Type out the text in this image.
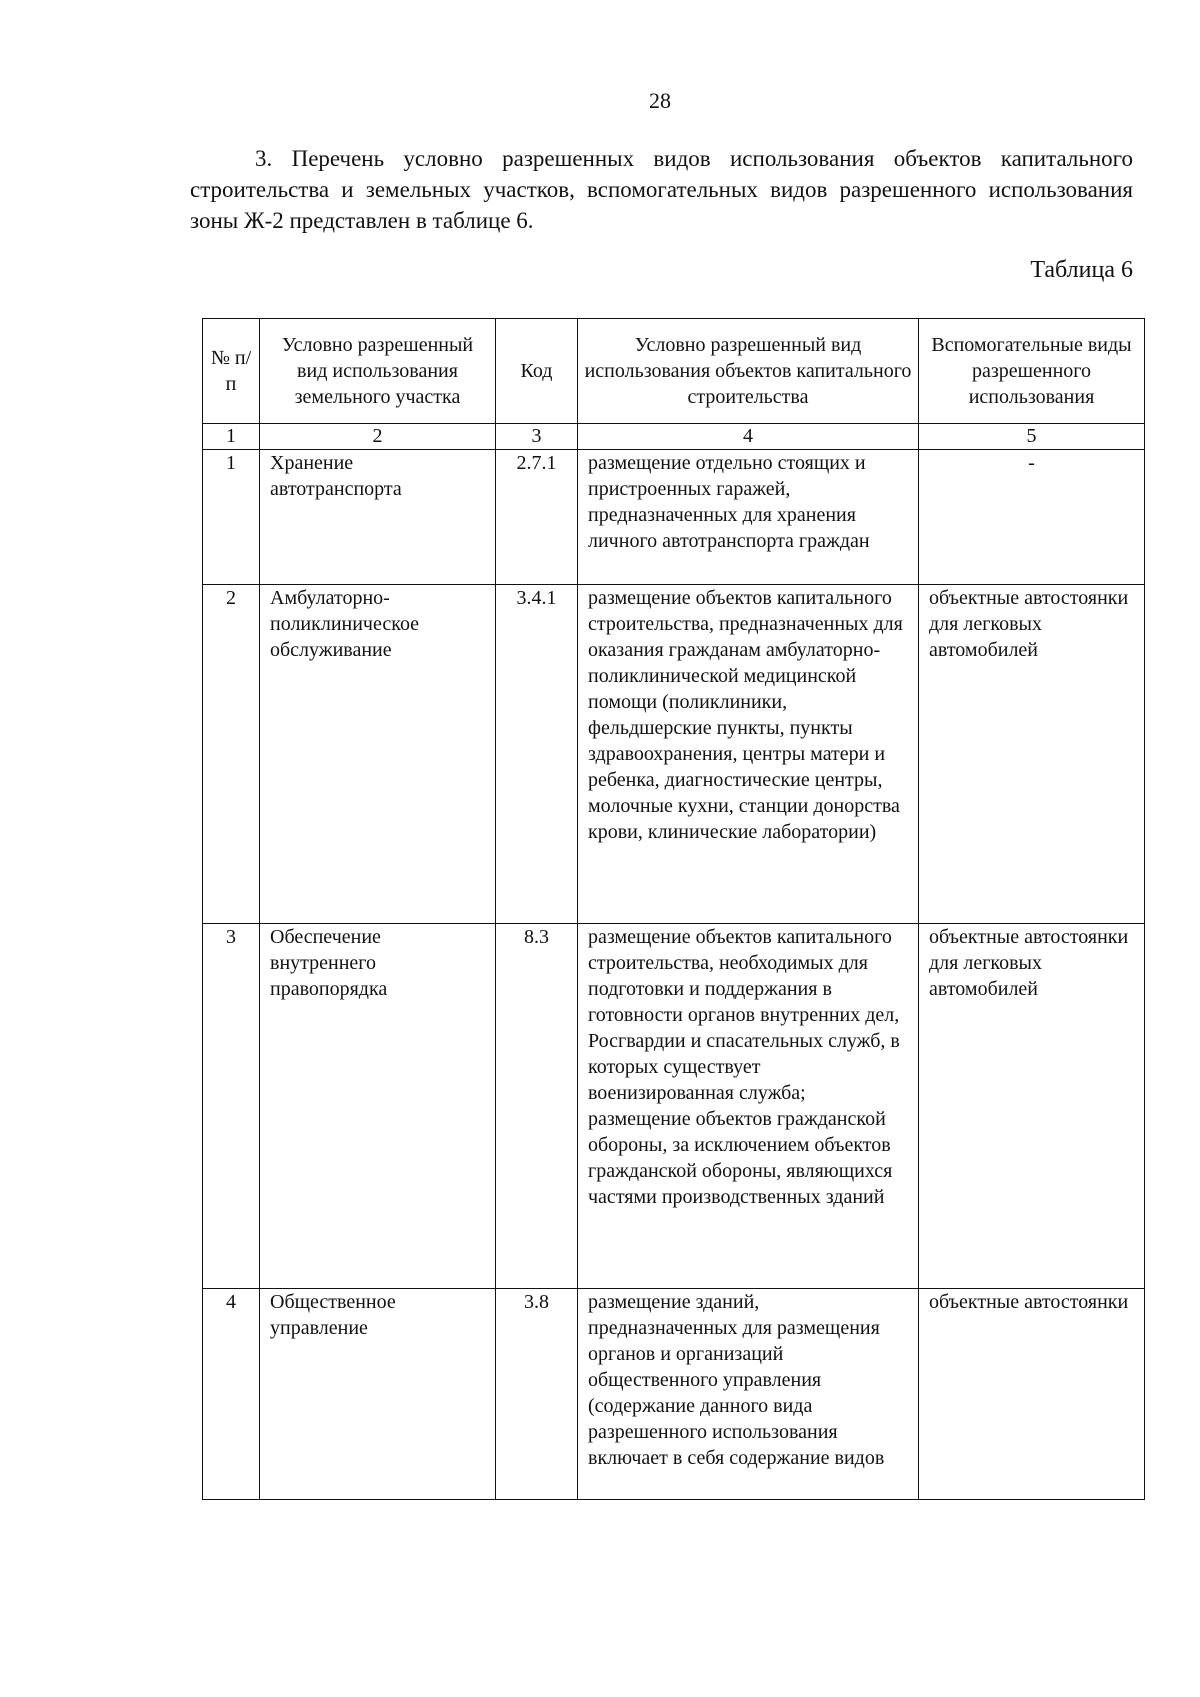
28
3. Перечень условно разрешенных видов использования объектов капитального строительства и земельных участков, вспомогательных видов разрешенного использования зоны Ж-2 представлен в таблице 6.
Таблица 6
№ п/п	Условно разрешенный вид использования земельного участка	Код	Условно разрешенный вид использования объектов капитального строительства	Вспомогательные виды разрешенного использования
1	2	3	4	5
1	Хранение автотранспорта	2.7.1	размещение отдельно стоящих и пристроенных гаражей, предназначенных для хранения личного автотранспорта граждан	-
2	Амбулаторно-поликлиническое обслуживание	3.4.1	размещение объектов капитального строительства, предназначенных для оказания гражданам амбулаторно-поликлинической медицинской помощи (поликлиники, фельдшерские пункты, пункты здравоохранения, центры матери и ребенка, диагностические центры, молочные кухни, станции донорства крови, клинические лаборатории)	объектные автостоянки для легковых автомобилей
3	Обеспечение внутреннего правопорядка	8.3	размещение объектов капитального строительства, необходимых для подготовки и поддержания в готовности органов внутренних дел, Росгвардии и спасательных служб, в которых существует военизированная служба; размещение объектов гражданской обороны, за исключением объектов гражданской обороны, являющихся частями производственных зданий	объектные автостоянки для легковых автомобилей
4	Общественное управление	3.8	размещение зданий, предназначенных для размещения органов и организаций общественного управления (содержание данного вида разрешенного использования включает в себя содержание видов	объектные автостоянки
